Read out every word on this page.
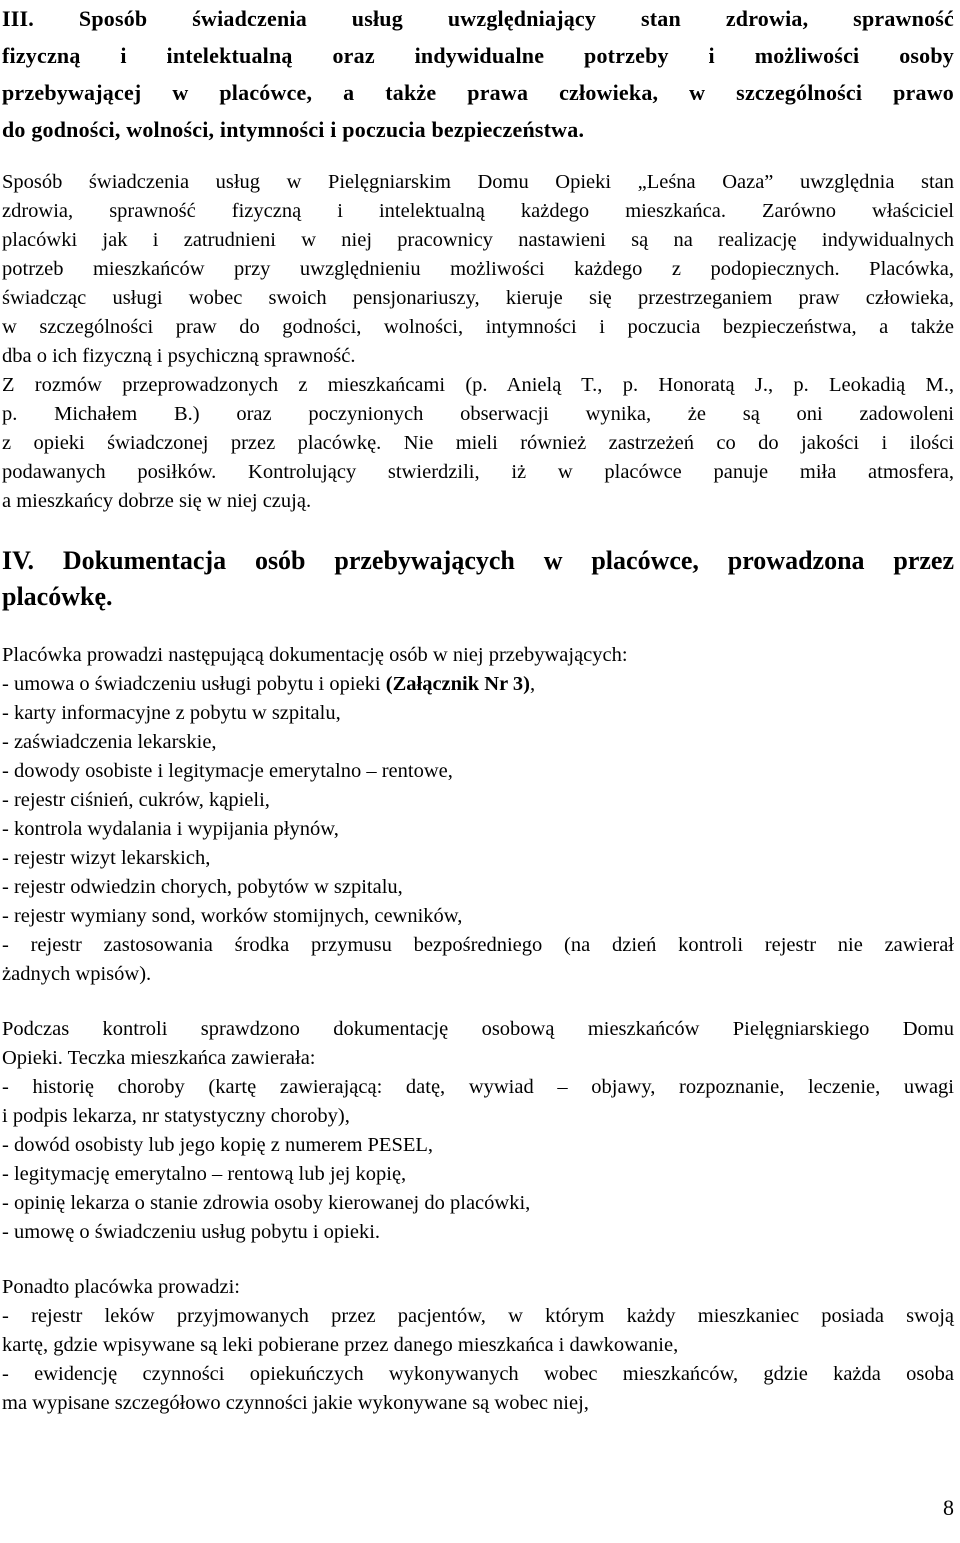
III. Sposób świadczenia usług uwzględniający stan zdrowia, sprawność
fizyczną i intelektualną oraz indywidualne potrzeby i możliwości osoby
przebywającej w placówce, a także prawa człowieka, w szczególności prawo
do godności, wolności, intymności i poczucia bezpieczeństwa.
Sposób świadczenia usług w Pielęgniarskim Domu Opieki „Leśna Oaza” uwzględnia stan
zdrowia, sprawność fizyczną i intelektualną każdego mieszkańca. Zarówno właściciel
placówki jak i zatrudnieni w niej pracownicy nastawieni są na realizację indywidualnych
potrzeb mieszkańców przy uwzględnieniu możliwości każdego z podopiecznych. Placówka,
świadcząc usługi wobec swoich pensjonariuszy, kieruje się przestrzeganiem praw człowieka,
w szczególności praw do godności, wolności, intymności i poczucia bezpieczeństwa, a także
dba o ich fizyczną i psychiczną sprawność.
Z rozmów przeprowadzonych z mieszkańcami (p. Anielą T., p. Honoratą J., p. Leokadią M.,
p. Michałem B.) oraz poczynionych obserwacji wynika, że są oni zadowoleni
z opieki świadczonej przez placówkę. Nie mieli również zastrzeżeń co do jakości i ilości
podawanych posiłków. Kontrolujący stwierdzili, iż w placówce panuje miła atmosfera,
a mieszkańcy dobrze się w niej czują.
IV. Dokumentacja osób przebywających w placówce, prowadzona przez
placówkę.
Placówka prowadzi następującą dokumentację osób w niej przebywających:
- umowa o świadczeniu usługi pobytu i opieki (Załącznik Nr 3),
- karty informacyjne z pobytu w szpitalu,
- zaświadczenia lekarskie,
- dowody osobiste i legitymacje emerytalno – rentowe,
- rejestr ciśnień, cukrów, kąpieli,
- kontrola wydalania i wypijania płynów,
- rejestr wizyt lekarskich,
- rejestr odwiedzin chorych, pobytów w szpitalu,
- rejestr wymiany sond, worków stomijnych, cewników,
- rejestr zastosowania środka przymusu bezpośredniego (na dzień kontroli rejestr nie zawierał
żadnych wpisów).
Podczas kontroli sprawdzono dokumentację osobową mieszkańców Pielęgniarskiego Domu
Opieki. Teczka mieszkańca zawierała:
- historię choroby (kartę zawierającą: datę, wywiad – objawy, rozpoznanie, leczenie, uwagi
i podpis lekarza, nr statystyczny choroby),
- dowód osobisty lub jego kopię z numerem PESEL,
- legitymację emerytalno – rentową lub jej kopię,
- opinię lekarza o stanie zdrowia osoby kierowanej do placówki,
- umowę o świadczeniu usług pobytu i opieki.
Ponadto placówka prowadzi:
- rejestr leków przyjmowanych przez pacjentów, w którym każdy mieszkaniec posiada swoją
kartę, gdzie wpisywane są leki pobierane przez danego mieszkańca i dawkowanie,
- ewidencję czynności opiekuńczych wykonywanych wobec mieszkańców, gdzie każda osoba
ma wypisane szczegółowo czynności jakie wykonywane są wobec niej,
8
